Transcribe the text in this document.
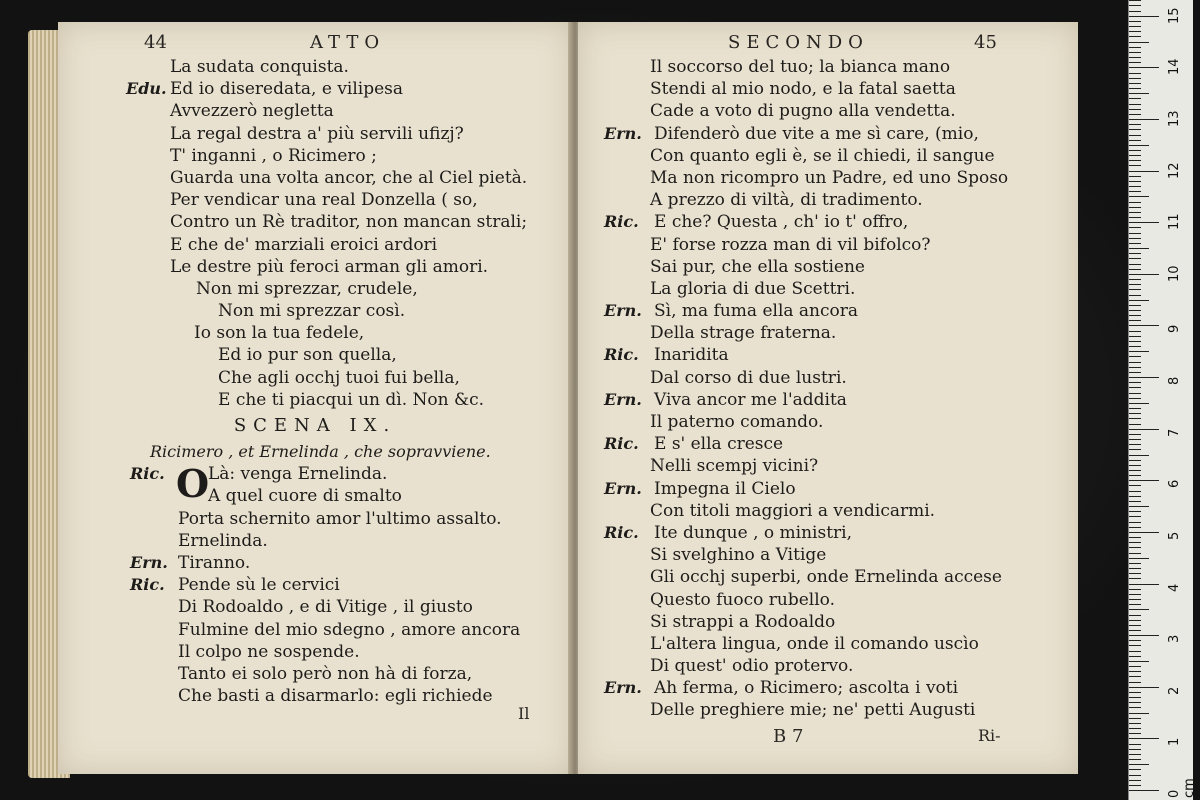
44	ATTO
La sudata conquista.
Edu. Ed io diseredata, e vilipesa
Avvezzerò negletta
La regal destra a' più servili ufizj?
T' inganni , o Ricimero ;
Guarda una volta ancor, che al Ciel pietà.
Per vendicar una real Donzella ( so,
Contro un Rè traditor, non mancan strali;
E che de' marziali eroici ardori
Le destre più feroci arman gli amori.
Non mi sprezzar, crudele,
Non mi sprezzar così.
Io son la tua fedele,
Ed io pur son quella,
Che agli occhj tuoi fui bella,
E che ti piacqui un dì. Non &c.
SCENA IX.
Ricimero , et Ernelinda , che sopravviene.
Ric.	Là: venga Ernelinda.
O
A quel cuore di smalto
Porta schernito amor l'ultimo assalto.
Ernelinda.
Ern. Tiranno.
Ric. Pende sù le cervici
Di Rodoaldo , e di Vitige , il giusto
Fulmine del mio sdegno , amore ancora
Il colpo ne sospende.
Tanto ei solo però non hà di forza,
Che basti a disarmarlo: egli richiede
Il
SECONDO	45
Il soccorso del tuo; la bianca mano
Stendi al mio nodo, e la fatal saetta
Cade a voto di pugno alla vendetta.
Ern. Difenderò due vite a me sì care, (mio,
Con quanto egli è, se il chiedi, il sangue
Ma non ricompro un Padre, ed uno Sposo
A prezzo di viltà, di tradimento.
Ric. E che? Questa , ch' io t' offro,
E' forse rozza man di vil bifolco?
Sai pur, che ella sostiene
La gloria di due Scettri.
Ern. Sì, ma fuma ella ancora
Della strage fraterna.
Ric. Inaridita
Dal corso di due lustri.
Ern. Viva ancor me l'addita
Il paterno comando.
Ric. E s' ella cresce
Nelli scempj vicini?
Ern. Impegna il Cielo
Con titoli maggiori a vendicarmi.
Ric. Ite dunque , o ministri,
Si svelghino a Vitige
Gli occhj superbi, onde Ernelinda accese
Questo fuoco rubello.
Si strappi a Rodoaldo
L'altera lingua, onde il comando uscìo
Di quest' odio protervo.
Ern. Ah ferma, o Ricimero; ascolta i voti
Delle preghiere mie; ne' petti Augusti
B 7	Ri-
0 cm
1
2
3
4
5
6
7
8
9
10
11
12
13
14
15
